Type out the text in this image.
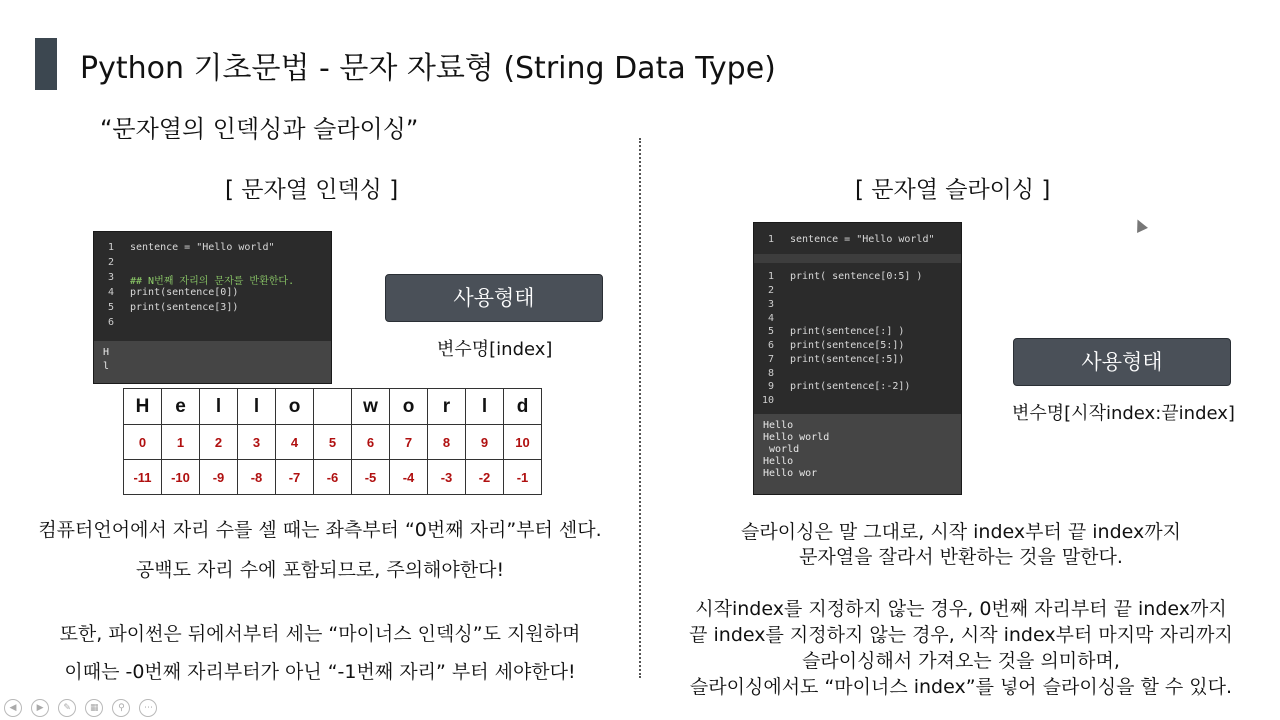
Python 기초문법 - 문자 자료형 (String Data Type)
“문자열의 인덱싱과 슬라이싱”
[ 문자열 인덱싱 ]
1 sentence = "Hello world"
2
3 ## N번째 자리의 문자를 반환한다.
4 print(sentence[0])
5 print(sentence[3])
6
H
l
사용형태
변수명[index]
H	e	l	l	o		w	o	r	l	d
0	1	2	3	4	5	6	7	8	9	10
-11	-10	-9	-8	-7	-6	-5	-4	-3	-2	-1
컴퓨터언어에서 자리 수를 셀 때는 좌측부터 “0번째 자리”부터 센다.
공백도 자리 수에 포함되므로, 주의해야한다!
또한, 파이썬은 뒤에서부터 세는 “마이너스 인덱싱”도 지원하며
이때는 -0번째 자리부터가 아닌 “-1번째 자리” 부터 세야한다!
[ 문자열 슬라이싱 ]
1 sentence = "Hello world"
1 print( sentence[0:5] )
2
3
4
5 print(sentence[:] )
6 print(sentence[5:])
7 print(sentence[:5])
8
9 print(sentence[:-2])
10
Hello
Hello world
world
Hello
Hello wor
사용형태
변수명[시작index:끝index]
슬라이싱은 말 그대로, 시작 index부터 끝 index까지
문자열을 잘라서 반환하는 것을 말한다.
시작index를 지정하지 않는 경우, 0번째 자리부터 끝 index까지
끝 index를 지정하지 않는 경우, 시작 index부터 마지막 자리까지
슬라이싱해서 가져오는 것을 의미하며,
슬라이싱에서도 “마이너스 index”를 넣어 슬라이싱을 할 수 있다.
◀ ▶ ✎ ▦ ⚲ ⋯
